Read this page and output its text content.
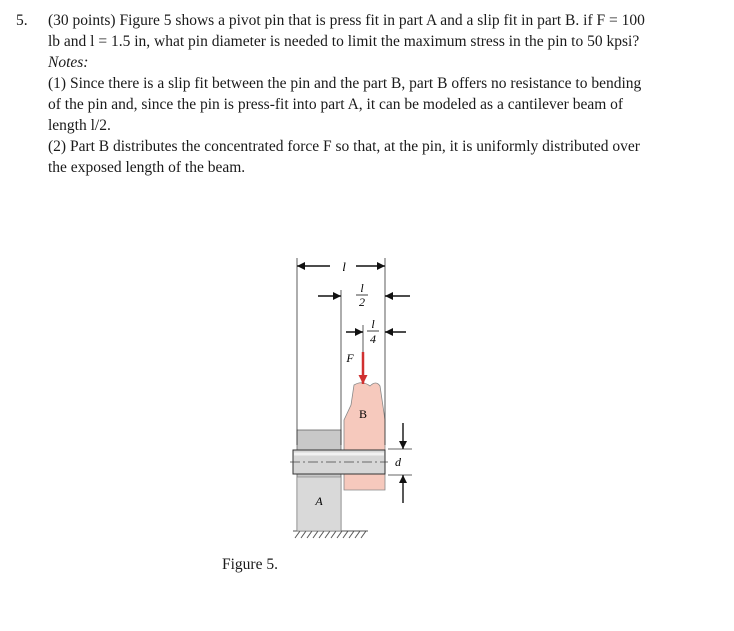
5. (30 points) Figure 5 shows a pivot pin that is press fit in part A and a slip fit in part B. if F = 100

lb and l = 1.5 in, what pin diameter is needed to limit the maximum stress in the pin to 50 kpsi?

Notes:

(1) Since there is a slip fit between the pin and the part B, part B offers no resistance to bending

of the pin and, since the pin is press-fit into part A, it can be modeled as a cantilever beam of

length l/2.

(2) Part B distributes the concentrated force F so that, at the pin, it is uniformly distributed over

the exposed length of the beam.

l
l
2
l
4
F
B
A
d
Figure 5.
